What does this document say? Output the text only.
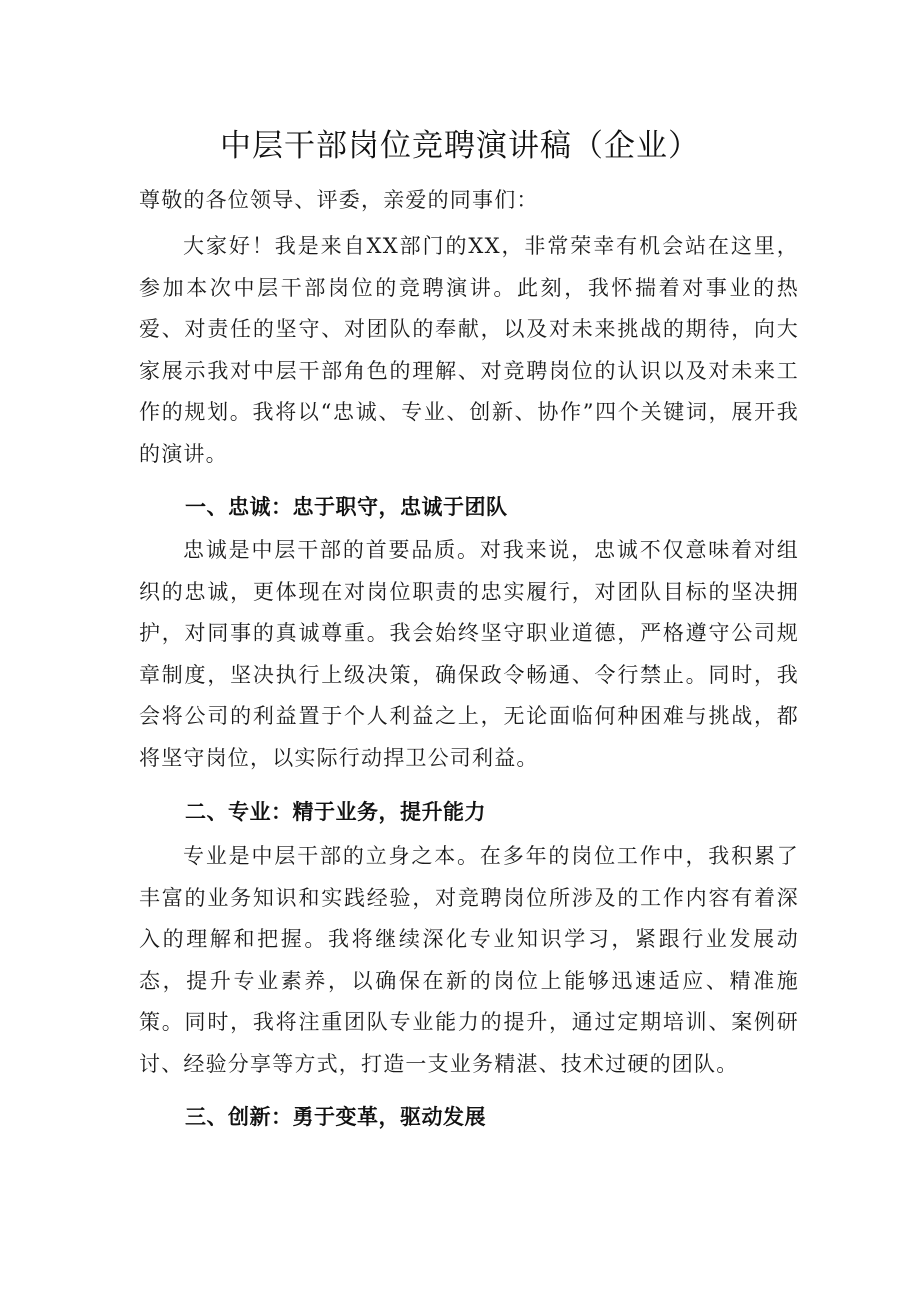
中层干部岗位竞聘演讲稿（企业）

尊敬的各位领导、评委，亲爱的同事们：

大家好！我是来自XX部门的XX，非常荣幸有机会站在这里，参加本次中层干部岗位的竞聘演讲。此刻，我怀揣着对事业的热爱、对责任的坚守、对团队的奉献，以及对未来挑战的期待，向大家展示我对中层干部角色的理解、对竞聘岗位的认识以及对未来工作的规划。我将以“忠诚、专业、创新、协作”四个关键词，展开我的演讲。

一、忠诚：忠于职守，忠诚于团队

忠诚是中层干部的首要品质。对我来说，忠诚不仅意味着对组织的忠诚，更体现在对岗位职责的忠实履行，对团队目标的坚决拥护，对同事的真诚尊重。我会始终坚守职业道德，严格遵守公司规章制度，坚决执行上级决策，确保政令畅通、令行禁止。同时，我会将公司的利益置于个人利益之上，无论面临何种困难与挑战，都将坚守岗位，以实际行动捍卫公司利益。

二、专业：精于业务，提升能力

专业是中层干部的立身之本。在多年的岗位工作中，我积累了丰富的业务知识和实践经验，对竞聘岗位所涉及的工作内容有着深入的理解和把握。我将继续深化专业知识学习，紧跟行业发展动态，提升专业素养，以确保在新的岗位上能够迅速适应、精准施策。同时，我将注重团队专业能力的提升，通过定期培训、案例研讨、经验分享等方式，打造一支业务精湛、技术过硬的团队。

三、创新：勇于变革，驱动发展
